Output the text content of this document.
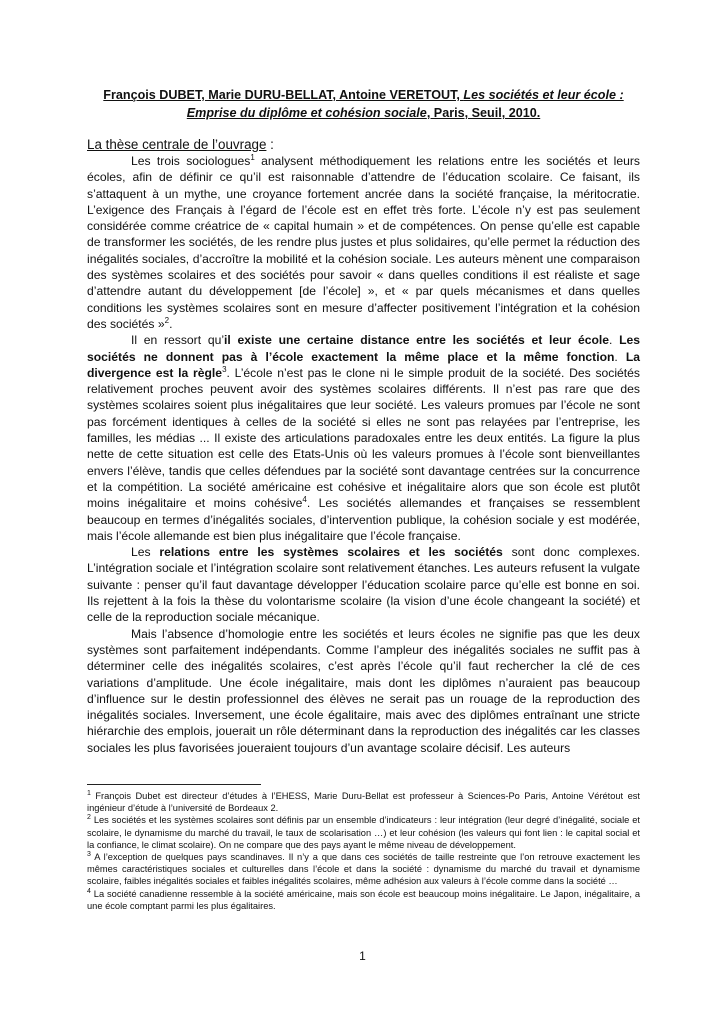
François DUBET, Marie DURU-BELLAT, Antoine VERETOUT, Les sociétés et leur école :
Emprise du diplôme et cohésion sociale, Paris, Seuil, 2010.
La thèse centrale de l’ouvrage :

Les trois sociologues$^1$ analysent méthodiquement les relations entre les sociétés et leurs écoles, afin de définir ce qu’il est raisonnable d’attendre de l’éducation scolaire. Ce faisant, ils s’attaquent à un mythe, une croyance fortement ancrée dans la société française, la méritocratie. L’exigence des Français à l’égard de l’école est en effet très forte. L’école n’y est pas seulement considérée comme créatrice de « capital humain » et de compétences. On pense qu’elle est capable de transformer les sociétés, de les rendre plus justes et plus solidaires, qu’elle permet la réduction des inégalités sociales, d’accroître la mobilité et la cohésion sociale. Les auteurs mènent une comparaison des systèmes scolaires et des sociétés pour savoir « dans quelles conditions il est réaliste et sage d’attendre autant du développement [de l’école] », et « par quels mécanismes et dans quelles conditions les systèmes scolaires sont en mesure d’affecter positivement l’intégration et la cohésion des sociétés »$^2$.

Il en ressort qu’il existe une certaine distance entre les sociétés et leur école. Les sociétés ne donnent pas à l’école exactement la même place et la même fonction. La divergence est la règle$^3$. L’école n’est pas le clone ni le simple produit de la société. Des sociétés relativement proches peuvent avoir des systèmes scolaires différents. Il n’est pas rare que des systèmes scolaires soient plus inégalitaires que leur société. Les valeurs promues par l’école ne sont pas forcément identiques à celles de la société si elles ne sont pas relayées par l’entreprise, les familles, les médias ... Il existe des articulations paradoxales entre les deux entités. La figure la plus nette de cette situation est celle des Etats-Unis où les valeurs promues à l’école sont bienveillantes envers l’élève, tandis que celles défendues par la société sont davantage centrées sur la concurrence et la compétition. La société américaine est cohésive et inégalitaire alors que son école est plutôt moins inégalitaire et moins cohésive$^4$. Les sociétés allemandes et françaises se ressemblent beaucoup en termes d’inégalités sociales, d’intervention publique, la cohésion sociale y est modérée, mais l’école allemande est bien plus inégalitaire que l’école française.

Les relations entre les systèmes scolaires et les sociétés sont donc complexes. L’intégration sociale et l’intégration scolaire sont relativement étanches. Les auteurs refusent la vulgate suivante : penser qu’il faut davantage développer l’éducation scolaire parce qu’elle est bonne en soi. Ils rejettent à la fois la thèse du volontarisme scolaire (la vision d’une école changeant la société) et celle de la reproduction sociale mécanique.

Mais l’absence d’homologie entre les sociétés et leurs écoles ne signifie pas que les deux systèmes sont parfaitement indépendants. Comme l’ampleur des inégalités sociales ne suffit pas à déterminer celle des inégalités scolaires, c’est après l’école qu’il faut rechercher la clé de ces variations d’amplitude. Une école inégalitaire, mais dont les diplômes n’auraient pas beaucoup d’influence sur le destin professionnel des élèves ne serait pas un rouage de la reproduction des inégalités sociales. Inversement, une école égalitaire, mais avec des diplômes entraînant une stricte hiérarchie des emplois, jouerait un rôle déterminant dans la reproduction des inégalités car les classes sociales les plus favorisées joueraient toujours d’un avantage scolaire décisif. Les auteurs

$^1$ François Dubet est directeur d’études à l’EHESS, Marie Duru-Bellat est professeur à Sciences-Po Paris, Antoine Vérétout est ingénieur d’étude à l’université de Bordeaux 2.

$^2$ Les sociétés et les systèmes scolaires sont définis par un ensemble d’indicateurs : leur intégration (leur degré d’inégalité, sociale et scolaire, le dynamisme du marché du travail, le taux de scolarisation …) et leur cohésion (les valeurs qui font lien : le capital social et la confiance, le climat scolaire). On ne compare que des pays ayant le même niveau de développement.

$^3$ A l’exception de quelques pays scandinaves. Il n’y a que dans ces sociétés de taille restreinte que l’on retrouve exactement les mêmes caractéristiques sociales et culturelles dans l’école et dans la société : dynamisme du marché du travail et dynamisme scolaire, faibles inégalités sociales et faibles inégalités scolaires, même adhésion aux valeurs à l’école comme dans la société …

$^4$ La société canadienne ressemble à la société américaine, mais son école est beaucoup moins inégalitaire. Le Japon, inégalitaire, a une école comptant parmi les plus égalitaires.

1
